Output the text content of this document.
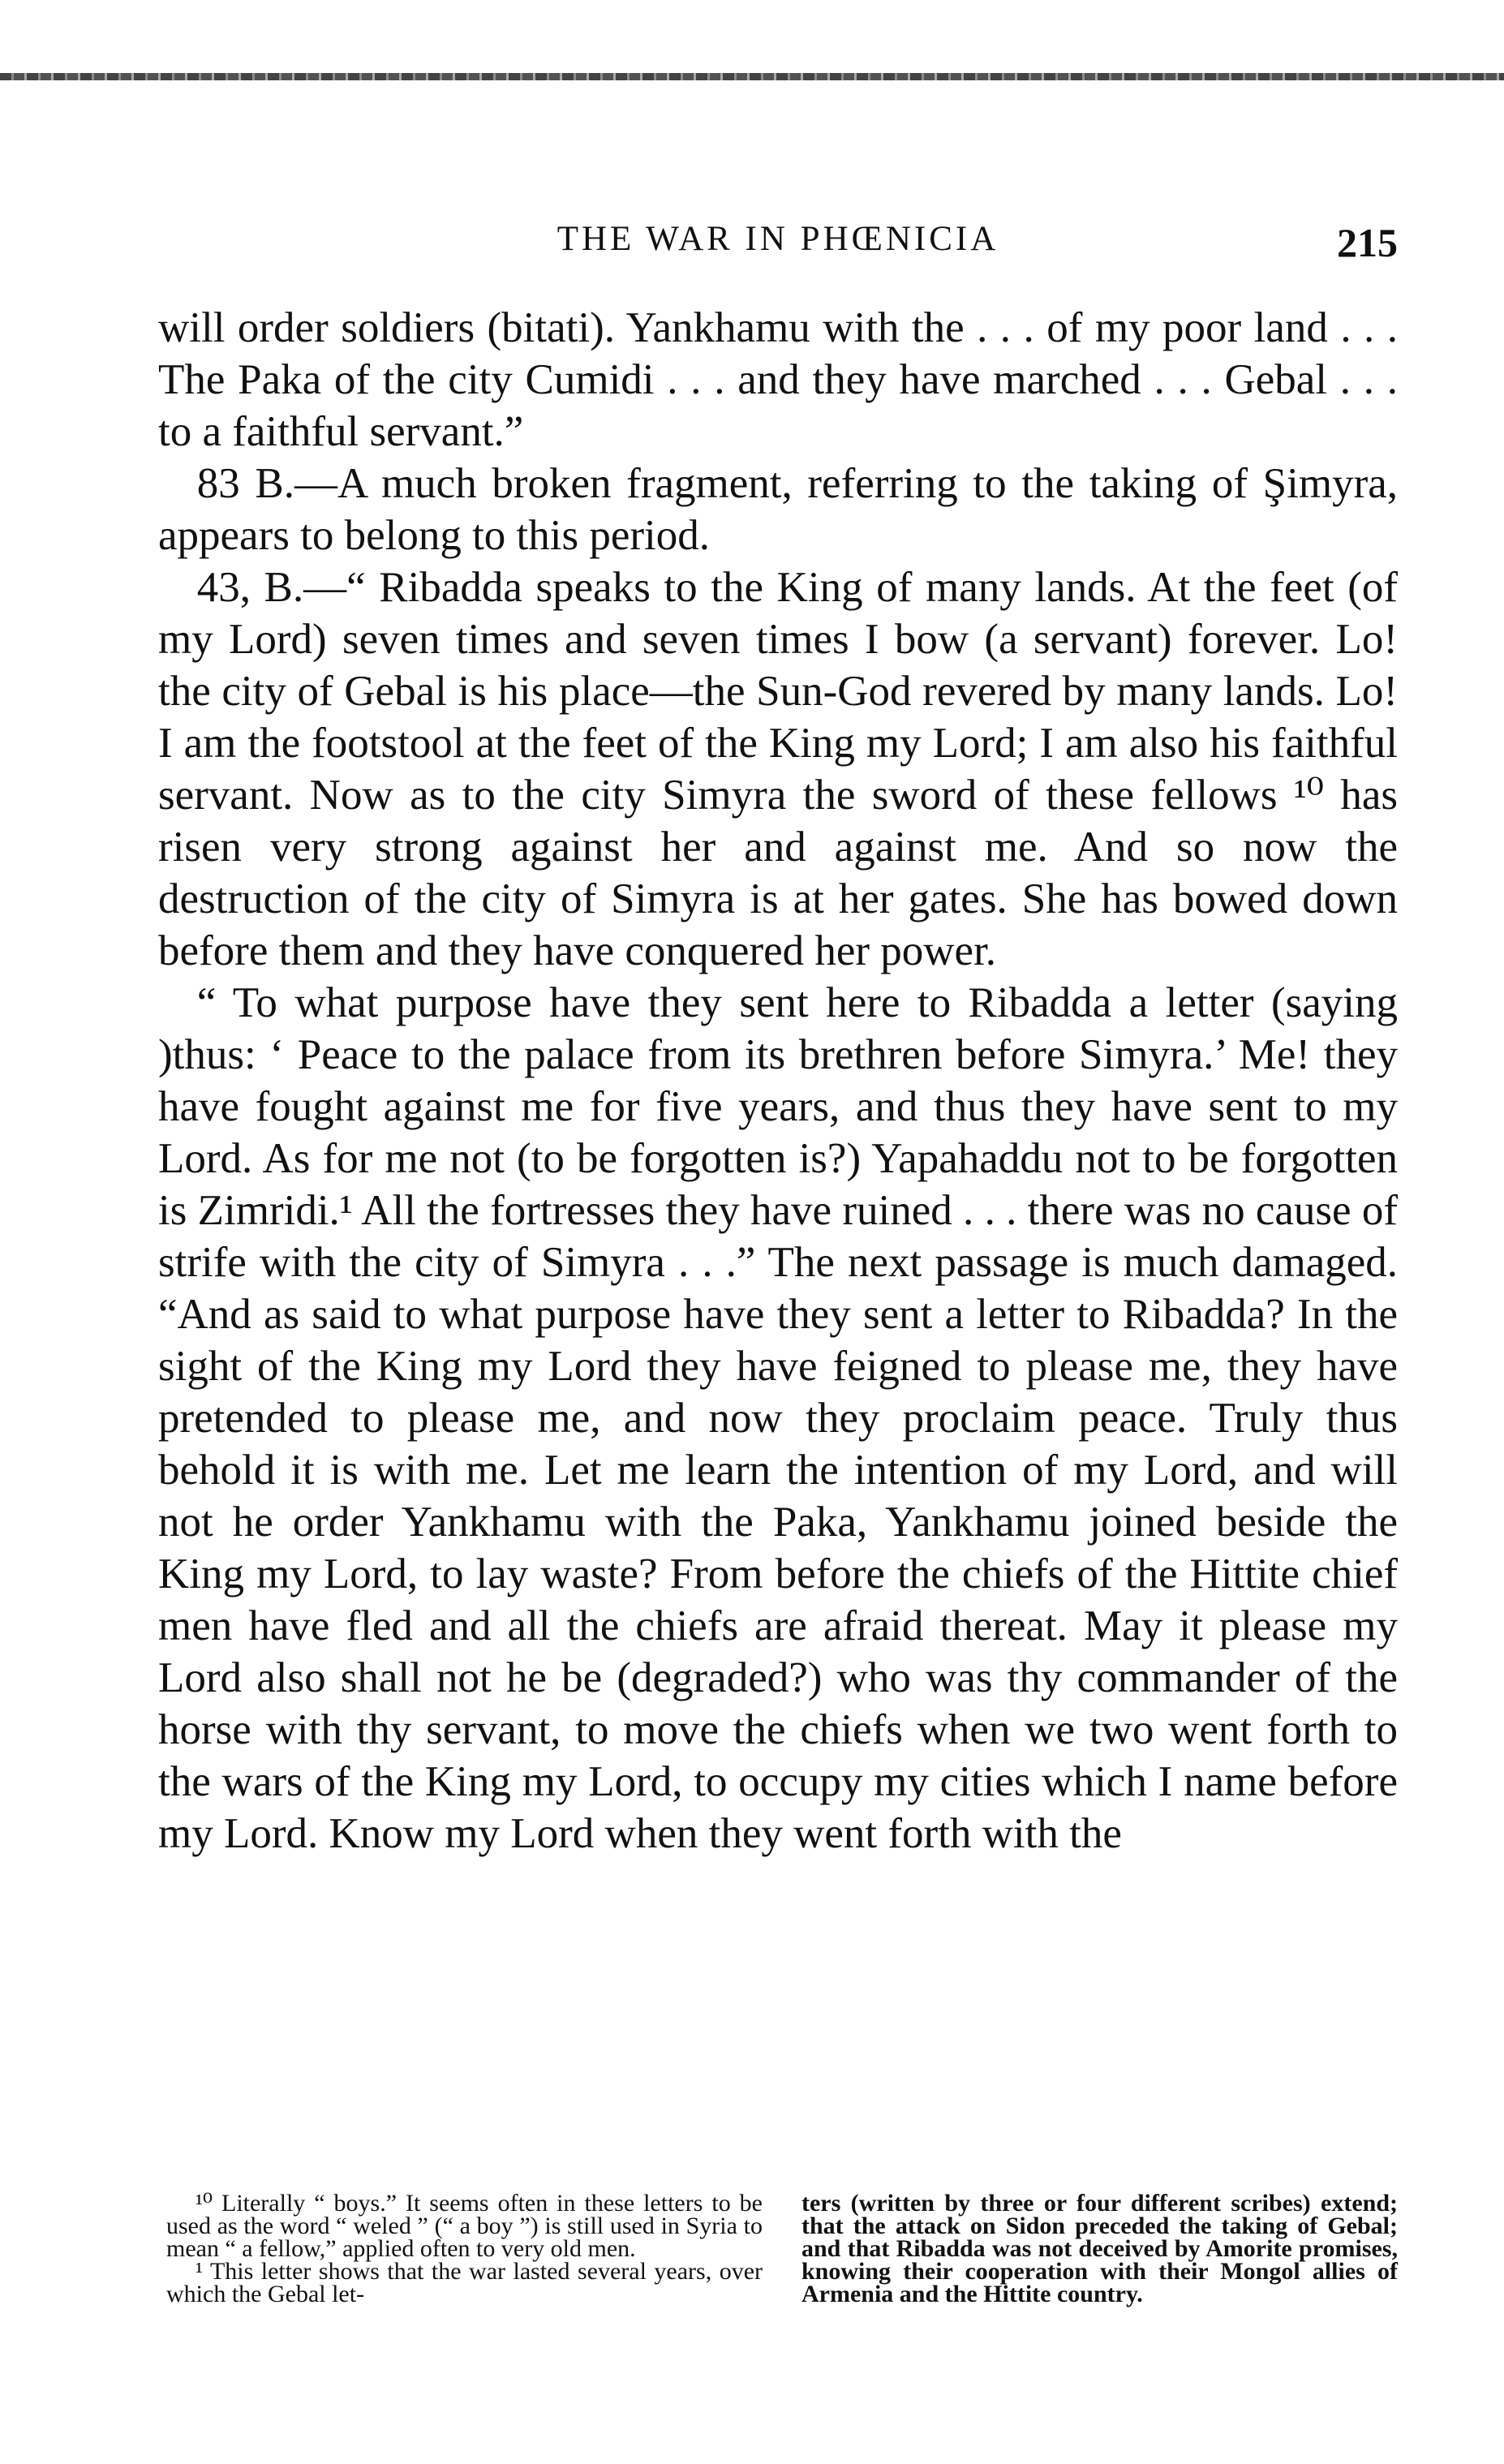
THE WAR IN PHŒNICIA	215

will order soldiers (bitati). Yankhamu with the . . . of my poor land . . . The Paka of the city Cumidi . . . and they have marched . . . Gebal . . . to a faithful servant.”

83 B.—A much broken fragment, referring to the taking of Şimyra, appears to belong to this period.

43, B.—“ Ribadda speaks to the King of many lands. At the feet (of my Lord) seven times and seven times I bow (a servant) forever. Lo! the city of Gebal is his place—the Sun-God revered by many lands. Lo! I am the footstool at the feet of the King my Lord; I am also his faithful servant. Now as to the city Simyra the sword of these fellows ¹⁰ has risen very strong against her and against me. And so now the destruction of the city of Simyra is at her gates. She has bowed down before them and they have conquered her power.

“ To what purpose have they sent here to Ribadda a letter (saying )thus: ‘ Peace to the palace from its brethren before Simyra.’ Me! they have fought against me for five years, and thus they have sent to my Lord. As for me not (to be forgotten is?) Yapahaddu not to be forgotten is Zimridi.¹ All the fortresses they have ruined . . . there was no cause of strife with the city of Simyra . . .” The next passage is much damaged. “And as said to what purpose have they sent a letter to Ribadda? In the sight of the King my Lord they have feigned to please me, they have pretended to please me, and now they proclaim peace. Truly thus behold it is with me. Let me learn the intention of my Lord, and will not he order Yankhamu with the Paka, Yankhamu joined beside the King my Lord, to lay waste? From before the chiefs of the Hittite chief men have fled and all the chiefs are afraid thereat. May it please my Lord also shall not he be (degraded?) who was thy commander of the horse with thy servant, to move the chiefs when we two went forth to the wars of the King my Lord, to occupy my cities which I name before my Lord. Know my Lord when they went forth with the

¹⁰ Literally “ boys.” It seems often in these letters to be used as the word “ weled ” (“ a boy ”) is still used in Syria to mean “ a fellow,” applied often to very old men.

¹ This letter shows that the war lasted several years, over which the Gebal let-

ters (written by three or four different scribes) extend; that the attack on Sidon preceded the taking of Gebal; and that Ribadda was not deceived by Amorite promises, knowing their cooperation with their Mongol allies of Armenia and the Hittite country.
